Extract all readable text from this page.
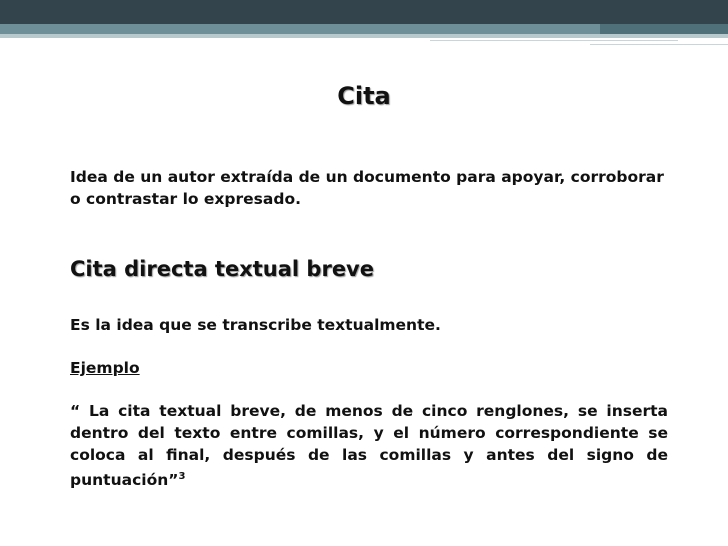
Cita
Idea de un autor extraída de un documento para apoyar, corroborar o contrastar lo expresado.
Cita directa textual breve
Es la idea que se transcribe textualmente.
Ejemplo
“ La cita textual breve, de menos de cinco renglones, se inserta dentro del texto entre comillas, y el número correspondiente se coloca al final, después de las comillas y antes del signo de puntuación”$^3$
